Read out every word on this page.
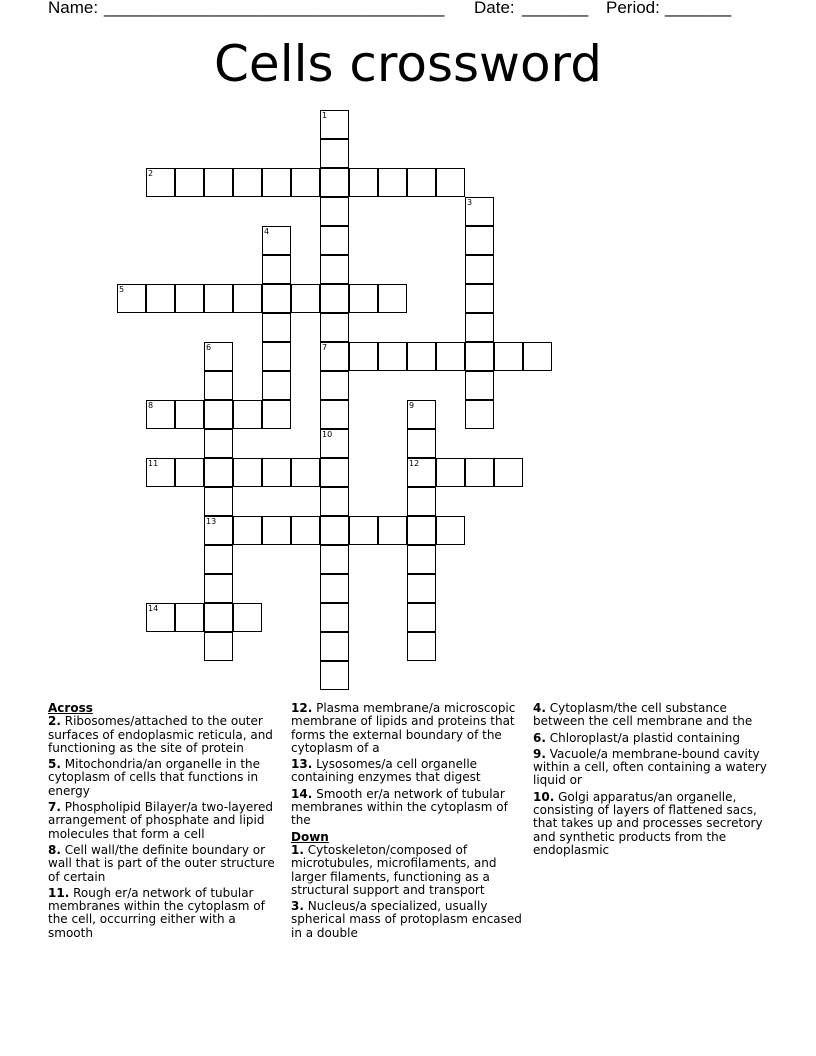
Name: ____________________________________ Date: _______ Period: _______
Cells crossword
1
7
10
2
3
4
5
6
13
8	9
12
11
14
Across
2. Ribosomes/attached to the outer surfaces of endoplasmic reticula, and functioning as the site of protein
5. Mitochondria/an organelle in the cytoplasm of cells that functions in energy
7. Phospholipid Bilayer/a two-layered arrangement of phosphate and lipid molecules that form a cell
8. Cell wall/the definite boundary or wall that is part of the outer structure of certain
11. Rough er/a network of tubular membranes within the cytoplasm of the cell, occurring either with a smooth
12. Plasma membrane/a microscopic membrane of lipids and proteins that forms the external boundary of the cytoplasm of a
13. Lysosomes/a cell organelle containing enzymes that digest
14. Smooth er/a network of tubular membranes within the cytoplasm of the
Down
1. Cytoskeleton/composed of microtubules, microfilaments, and larger filaments, functioning as a structural support and transport
3. Nucleus/a specialized, usually spherical mass of protoplasm encased in a double
4. Cytoplasm/the cell substance between the cell membrane and the
6. Chloroplast/a plastid containing
9. Vacuole/a membrane-bound cavity within a cell, often containing a watery liquid or
10. Golgi apparatus/an organelle, consisting of layers of flattened sacs, that takes up and processes secretory and synthetic products from the endoplasmic
